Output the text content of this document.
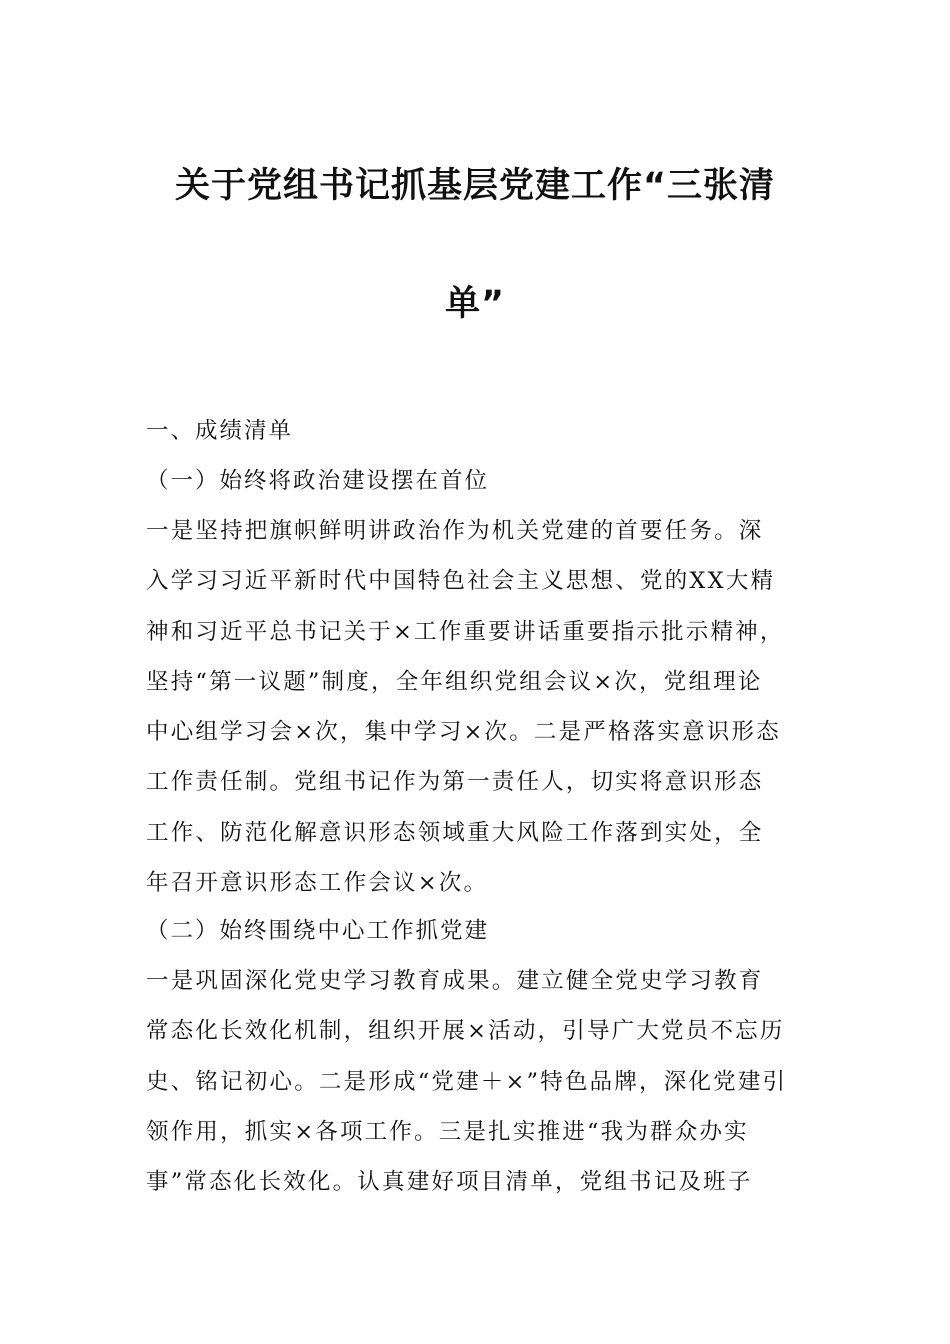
关于党组书记抓基层党建工作“三张清
单”
一、成绩清单
（一）始终将政治建设摆在首位
一是坚持把旗帜鲜明讲政治作为机关党建的首要任务。深
入学习习近平新时代中国特色社会主义思想、党的XX大精
神和习近平总书记关于×工作重要讲话重要指示批示精神，
坚持“第一议题”制度，全年组织党组会议×次，党组理论
中心组学习会×次，集中学习×次。二是严格落实意识形态
工作责任制。党组书记作为第一责任人，切实将意识形态
工作、防范化解意识形态领域重大风险工作落到实处，全
年召开意识形态工作会议×次。
（二）始终围绕中心工作抓党建
一是巩固深化党史学习教育成果。建立健全党史学习教育
常态化长效化机制，组织开展×活动，引导广大党员不忘历
史、铭记初心。二是形成“党建＋×”特色品牌，深化党建引
领作用，抓实×各项工作。三是扎实推进“我为群众办实
事”常态化长效化。认真建好项目清单，党组书记及班子
